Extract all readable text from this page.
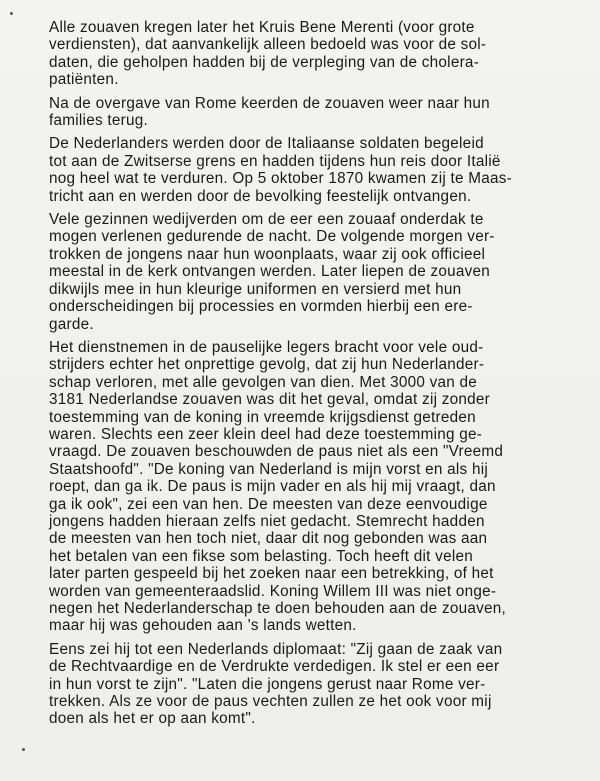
Alle zouaven kregen later het Kruis Bene Merenti (voor grote
verdiensten), dat aanvankelijk alleen bedoeld was voor de sol-
daten, die geholpen hadden bij de verpleging van de cholera-
patiënten.

Na de overgave van Rome keerden de zouaven weer naar hun
families terug.

De Nederlanders werden door de Italiaanse soldaten begeleid
tot aan de Zwitserse grens en hadden tijdens hun reis door Italië
nog heel wat te verduren. Op 5 oktober 1870 kwamen zij te Maas-
tricht aan en werden door de bevolking feestelijk ontvangen.

Vele gezinnen wedijverden om de eer een zouaaf onderdak te
mogen verlenen gedurende de nacht. De volgende morgen ver-
trokken de jongens naar hun woonplaats, waar zij ook officieel
meestal in de kerk ontvangen werden. Later liepen de zouaven
dikwijls mee in hun kleurige uniformen en versierd met hun
onderscheidingen bij processies en vormden hierbij een ere-
garde.

Het dienstnemen in de pauselijke legers bracht voor vele oud-
strijders echter het onprettige gevolg, dat zij hun Nederlander-
schap verloren, met alle gevolgen van dien. Met 3000 van de
3181 Nederlandse zouaven was dit het geval, omdat zij zonder
toestemming van de koning in vreemde krijgsdienst getreden
waren. Slechts een zeer klein deel had deze toestemming ge-
vraagd. De zouaven beschouwden de paus niet als een "Vreemd
Staatshoofd". "De koning van Nederland is mijn vorst en als hij
roept, dan ga ik. De paus is mijn vader en als hij mij vraagt, dan
ga ik ook", zei een van hen. De meesten van deze eenvoudige
jongens hadden hieraan zelfs niet gedacht. Stemrecht hadden
de meesten van hen toch niet, daar dit nog gebonden was aan
het betalen van een fikse som belasting. Toch heeft dit velen
later parten gespeeld bij het zoeken naar een betrekking, of het
worden van gemeenteraadslid. Koning Willem III was niet onge-
negen het Nederlanderschap te doen behouden aan de zouaven,
maar hij was gehouden aan 's lands wetten.

Eens zei hij tot een Nederlands diplomaat: "Zij gaan de zaak van
de Rechtvaardige en de Verdrukte verdedigen. Ik stel er een eer
in hun vorst te zijn". "Laten die jongens gerust naar Rome ver-
trekken. Als ze voor de paus vechten zullen ze het ook voor mij
doen als het er op aan komt".
